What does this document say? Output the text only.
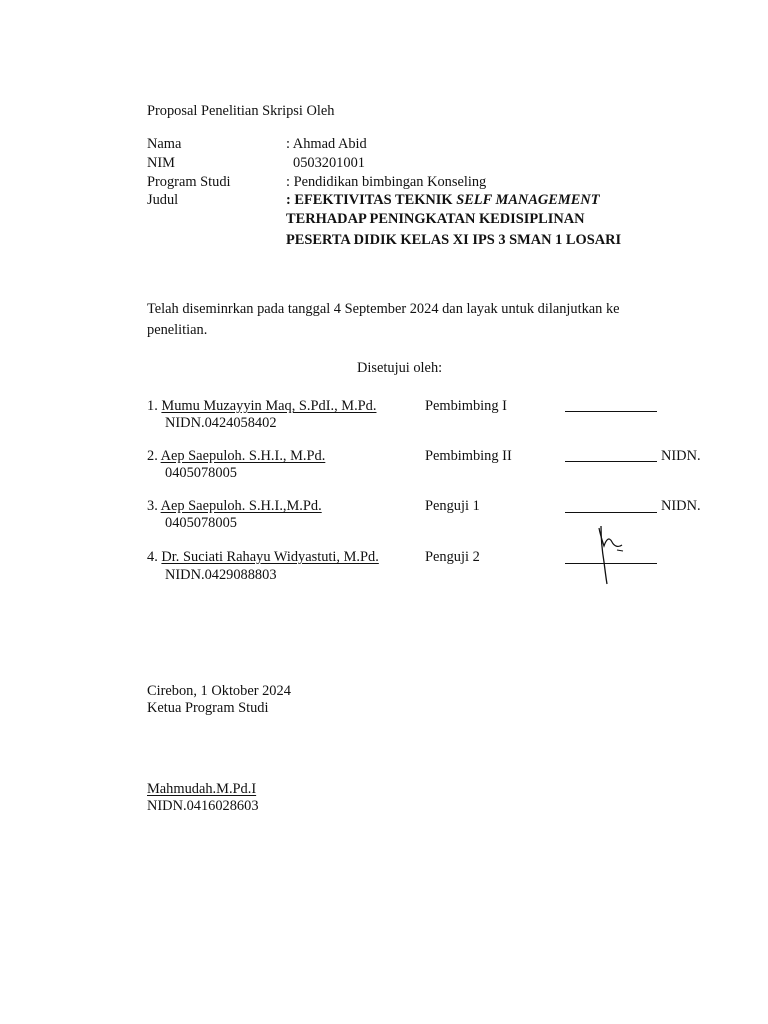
Proposal Penelitian Skripsi Oleh
Nama	: Ahmad Abid
NIM	0503201001
Program Studi	: Pendidikan bimbingan Konseling
Judul	: EFEKTIVITAS TEKNIK SELF MANAGEMENT
TERHADAP PENINGKATAN KEDISIPLINAN
PESERTA DIDIK KELAS XI IPS 3 SMAN 1 LOSARI
Telah diseminrkan pada tanggal 4 September 2024 dan layak untuk dilanjutkan ke
penelitian.
Disetujui oleh:
1. Mumu Muzayyin Maq, S.PdI., M.Pd.	Pembimbing I
NIDN.0424058402
2. Aep Saepuloh. S.H.I., M.Pd.	Pembimbing II	NIDN.
0405078005
3. Aep Saepuloh. S.H.I.,M.Pd.	Penguji 1	NIDN.
0405078005
4. Dr. Suciati Rahayu Widyastuti, M.Pd.	Penguji 2
NIDN.0429088803
Cirebon, 1 Oktober 2024
Ketua Program Studi
Mahmudah.M.Pd.I
NIDN.0416028603
